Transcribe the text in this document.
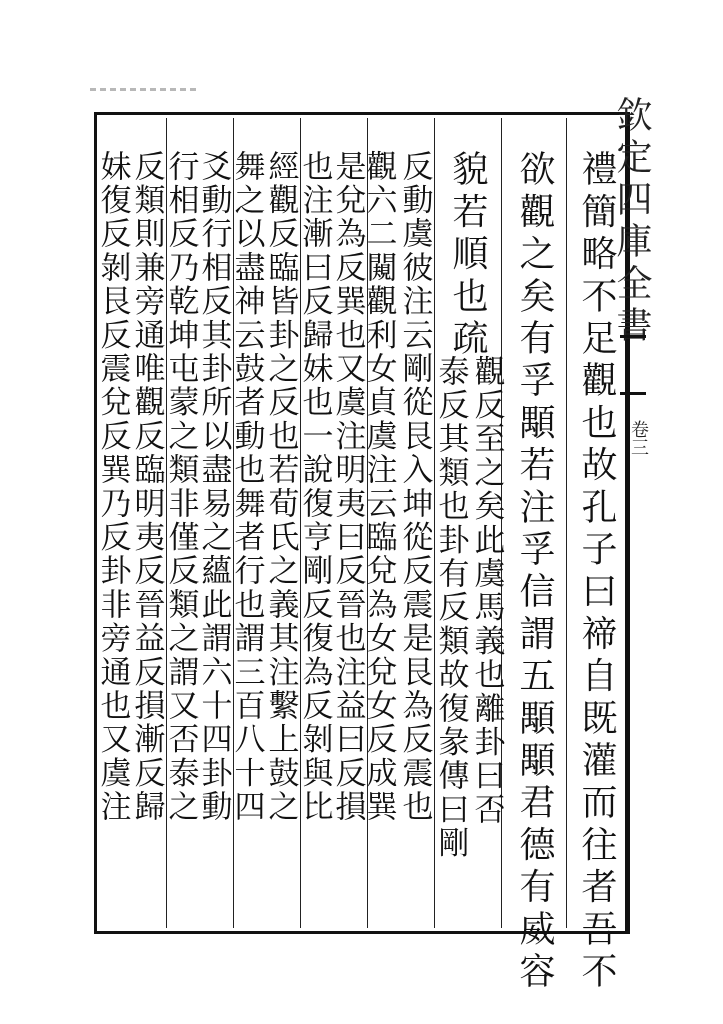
欽定四庫全書
卷三
禮簡略不足觀也故孔子曰禘自既灌而往者吾不
欲觀之矣有孚顒若注孚信謂五顒顒君德有威容
觀反至之矣此虞馬義也離卦曰否
泰反其類也卦有反類故復彖傳曰剛
貌若順也疏
反動虞彼注云剛從艮入坤從反震是艮為反震也
觀六二闚觀利女貞虞注云臨兌為女兌女反成巽
是兌為反巽也又虞注明夷曰反晉也注益曰反損
也注漸曰反歸妹也一說復亨剛反復為反剝與比
經觀反臨皆卦之反也若荀氏之義其注繫上鼓之
舞之以盡神云鼓者動也舞者行也謂三百八十四
爻動行相反其卦所以盡易之蘊此謂六十四卦動
行相反乃乾坤屯蒙之類非僅反類之謂又否泰之
反類則兼旁通唯觀反臨明夷反晉益反損漸反歸
妹復反剝艮反震兌反巽乃反卦非旁通也又虞注
